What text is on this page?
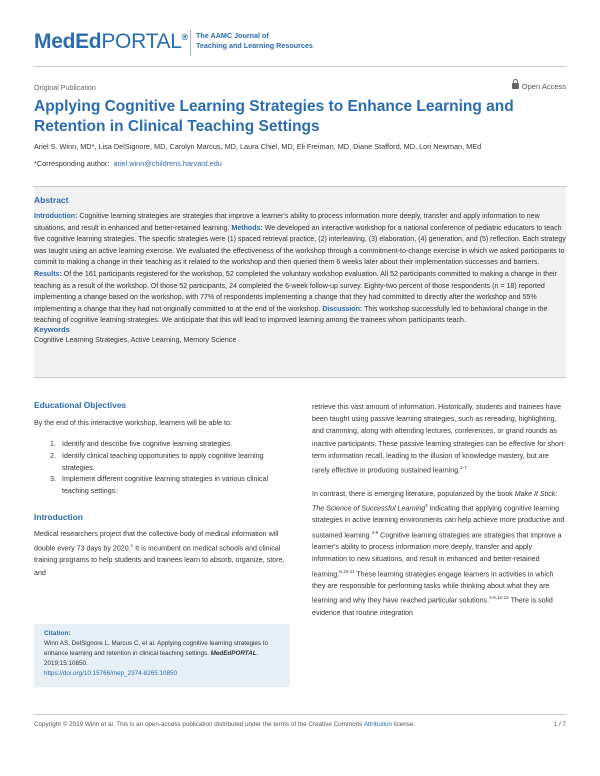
MedEdPORTAL® The AAMC Journal of
Teaching and Learning Resources
Original Publication	Open Access
Applying Cognitive Learning Strategies to Enhance Learning and Retention in Clinical Teaching Settings
Ariel S. Winn, MD*, Lisa DelSignore, MD, Carolyn Marcus, MD, Laura Chiel, MD, Eli Freiman, MD, Diane Stafford, MD, Lori Newman, MEd
*Corresponding author: ariel.winn@childrens.harvard.edu
Abstract
Introduction: Cognitive learning strategies are strategies that improve a learner's ability to process information more deeply, transfer and apply information to new situations, and result in enhanced and better-retained learning. Methods: We developed an interactive workshop for a national conference of pediatric educators to teach five cognitive learning strategies. The specific strategies were (1) spaced retrieval practice, (2) interleaving, (3) elaboration, (4) generation, and (5) reflection. Each strategy was taught using an active learning exercise. We evaluated the effectiveness of the workshop through a commitment-to-change exercise in which we asked participants to commit to making a change in their teaching as it related to the workshop and then queried them 6 weeks later about their implementation successes and barriers. Results: Of the 161 participants registered for the workshop, 52 completed the voluntary workshop evaluation. All 52 participants committed to making a change in their teaching as a result of the workshop. Of those 52 participants, 24 completed the 6-week follow-up survey. Eighty-two percent of those respondents (n = 18) reported implementing a change based on the workshop, with 77% of respondents implementing a change that they had committed to directly after the workshop and 55% implementing a change that they had not originally committed to at the end of the workshop. Discussion: This workshop successfully led to behavioral change in the teaching of cognitive learning strategies. We anticipate that this will lead to improved learning among the trainees whom participants teach.
Keywords
Cognitive Learning Strategies, Active Learning, Memory Science
Educational Objectives
By the end of this interactive workshop, learners will be able to:
1. Identify and describe five cognitive learning strategies.
2. Identify clinical teaching opportunities to apply cognitive learning strategies.
3. Implement different cognitive learning strategies in various clinical teaching settings.
Introduction
Medical researchers project that the collective body of medical information will double every 73 days by 2020.$^1$ It is incumbent on medical schools and clinical training programs to help students and trainees learn to absorb, organize, store, and
Citation:
Winn AS, DelSignore L, Marcus C, et al. Applying cognitive learning strategies to enhance learning and retention in clinical teaching settings. MedEdPORTAL. 2019;15:10850.
https://doi.org/10.15766/mep_2374-8265.10850
retrieve this vast amount of information. Historically, students and trainees have been taught using passive learning strategies, such as rereading, highlighting, and cramming, along with attending lectures, conferences, or grand rounds as inactive participants. These passive learning strategies can be effective for short-term information recall, leading to the illusion of knowledge mastery, but are rarely effective in producing sustained learning.$^{2-7}$
In contrast, there is emerging literature, popularized by the book Make It Stick: The Science of Successful Learning$^4$ indicating that applying cognitive learning strategies in active learning environments can help achieve more productive and sustained learning.$^{4-9}$ Cognitive learning strategies are strategies that improve a learner's ability to process information more deeply, transfer and apply information to new situations, and result in enhanced and better-retained learning.$^{6,10-11}$ These learning strategies engage learners in activities in which they are responsible for performing tasks while thinking about what they are learning and why they have reached particular solutions.$^{4-6,12-14}$ There is solid evidence that routine integration
Copyright © 2019 Winn et al. This is an open-access publication distributed under the terms of the Creative Commons Attribution license.	1 / 7
